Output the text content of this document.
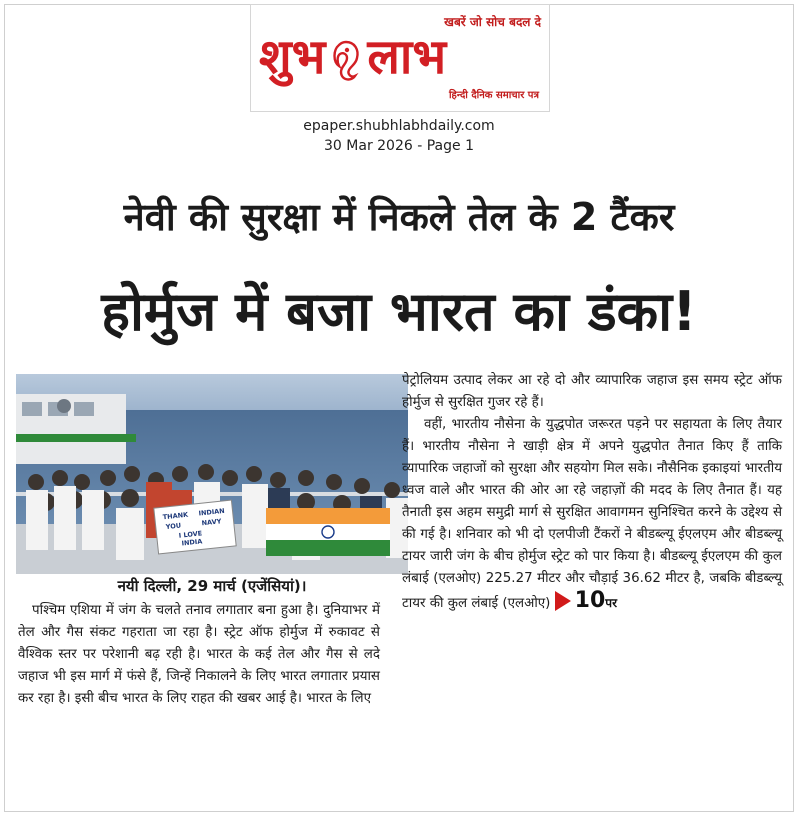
खबरें जो सोच बदल दे
शुभ लाभ
हिन्दी दैनिक समाचार पत्र
epaper.shubhlabhdaily.com
30 Mar 2026 - Page 1
नेवी की सुरक्षा में निकले तेल के 2 टैंकर
होर्मुज में बजा भारत का डंका!
THANK INDIAN
YOU	NAVY
I LOVE
INDIA
नयी दिल्ली, 29 मार्च (एजेंसियां)।

पश्चिम एशिया में जंग के चलते तनाव लगातार बना हुआ है। दुनियाभर में तेल और गैस संकट गहराता जा रहा है। स्ट्रेट ऑफ होर्मुज में रुकावट से वैश्विक स्तर पर परेशानी बढ़ रही है। भारत के कई तेल और गैस से लदे जहाज भी इस मार्ग में फंसे हैं, जिन्हें निकालने के लिए भारत लगातार प्रयास कर रहा है। इसी बीच भारत के लिए राहत की खबर आई है। भारत के लिए

पेट्रोलियम उत्पाद लेकर आ रहे दो और व्यापारिक जहाज इस समय स्ट्रेट ऑफ होर्मुज से सुरक्षित गुजर रहे हैं।

वहीं, भारतीय नौसेना के युद्धपोत जरूरत पड़ने पर सहायता के लिए तैयार हैं। भारतीय नौसेना ने खाड़ी क्षेत्र में अपने युद्धपोत तैनात किए हैं ताकि व्यापारिक जहाजों को सुरक्षा और सहयोग मिल सके। नौसैनिक इकाइयां भारतीय ध्वज वाले और भारत की ओर आ रहे जहाज़ों की मदद के लिए तैनात हैं। यह तैनाती इस अहम समुद्री मार्ग से सुरक्षित आवागमन सुनिश्चित करने के उद्देश्य से की गई है। शनिवार को भी दो एलपीजी टैंकरों ने बीडब्ल्यू ईएलएम और बीडब्ल्यू टायर जारी जंग के बीच होर्मुज स्ट्रेट को पार किया है। बीडब्ल्यू ईएलएम की कुल लंबाई (एलओए) 225.27 मीटर और चौड़ाई 36.62 मीटर है, जबकि बीडब्ल्यू टायर की कुल लंबाई (एलओए) 10पर
